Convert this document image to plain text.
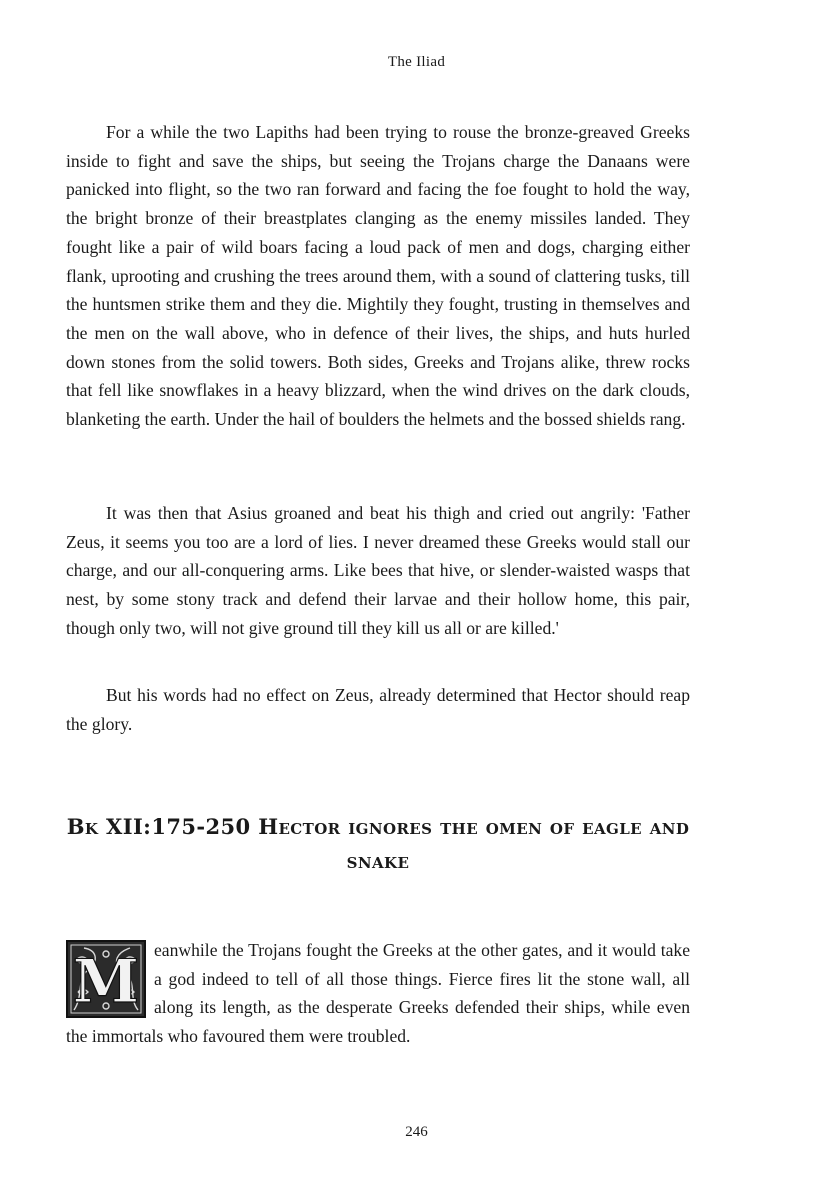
The Iliad

For a while the two Lapiths had been trying to rouse the bronze-greaved Greeks inside to fight and save the ships, but seeing the Trojans charge the Danaans were panicked into flight, so the two ran forward and facing the foe fought to hold the way, the bright bronze of their breastplates clanging as the enemy missiles landed. They fought like a pair of wild boars facing a loud pack of men and dogs, charging either flank, uprooting and crushing the trees around them, with a sound of clattering tusks, till the huntsmen strike them and they die. Mightily they fought, trusting in themselves and the men on the wall above, who in defence of their lives, the ships, and huts hurled down stones from the solid towers. Both sides, Greeks and Trojans alike, threw rocks that fell like snowflakes in a heavy blizzard, when the wind drives on the dark clouds, blanketing the earth. Under the hail of boulders the helmets and the bossed shields rang.

It was then that Asius groaned and beat his thigh and cried out angrily: 'Father Zeus, it seems you too are a lord of lies. I never dreamed these Greeks would stall our charge, and our all-conquering arms. Like bees that hive, or slender-waisted wasps that nest, by some stony track and defend their larvae and their hollow home, this pair, though only two, will not give ground till they kill us all or are killed.'

But his words had no effect on Zeus, already determined that Hector should reap the glory.

Bk XII:175-250 Hector ignores the omen of eagle and snake
M eanwhile the Trojans fought the Greeks at the other gates, and it would take a god indeed to tell of all those things. Fierce fires lit the stone wall, all along its length, as the desperate Greeks defended their ships, while even the immortals who favoured them were troubled.

246
